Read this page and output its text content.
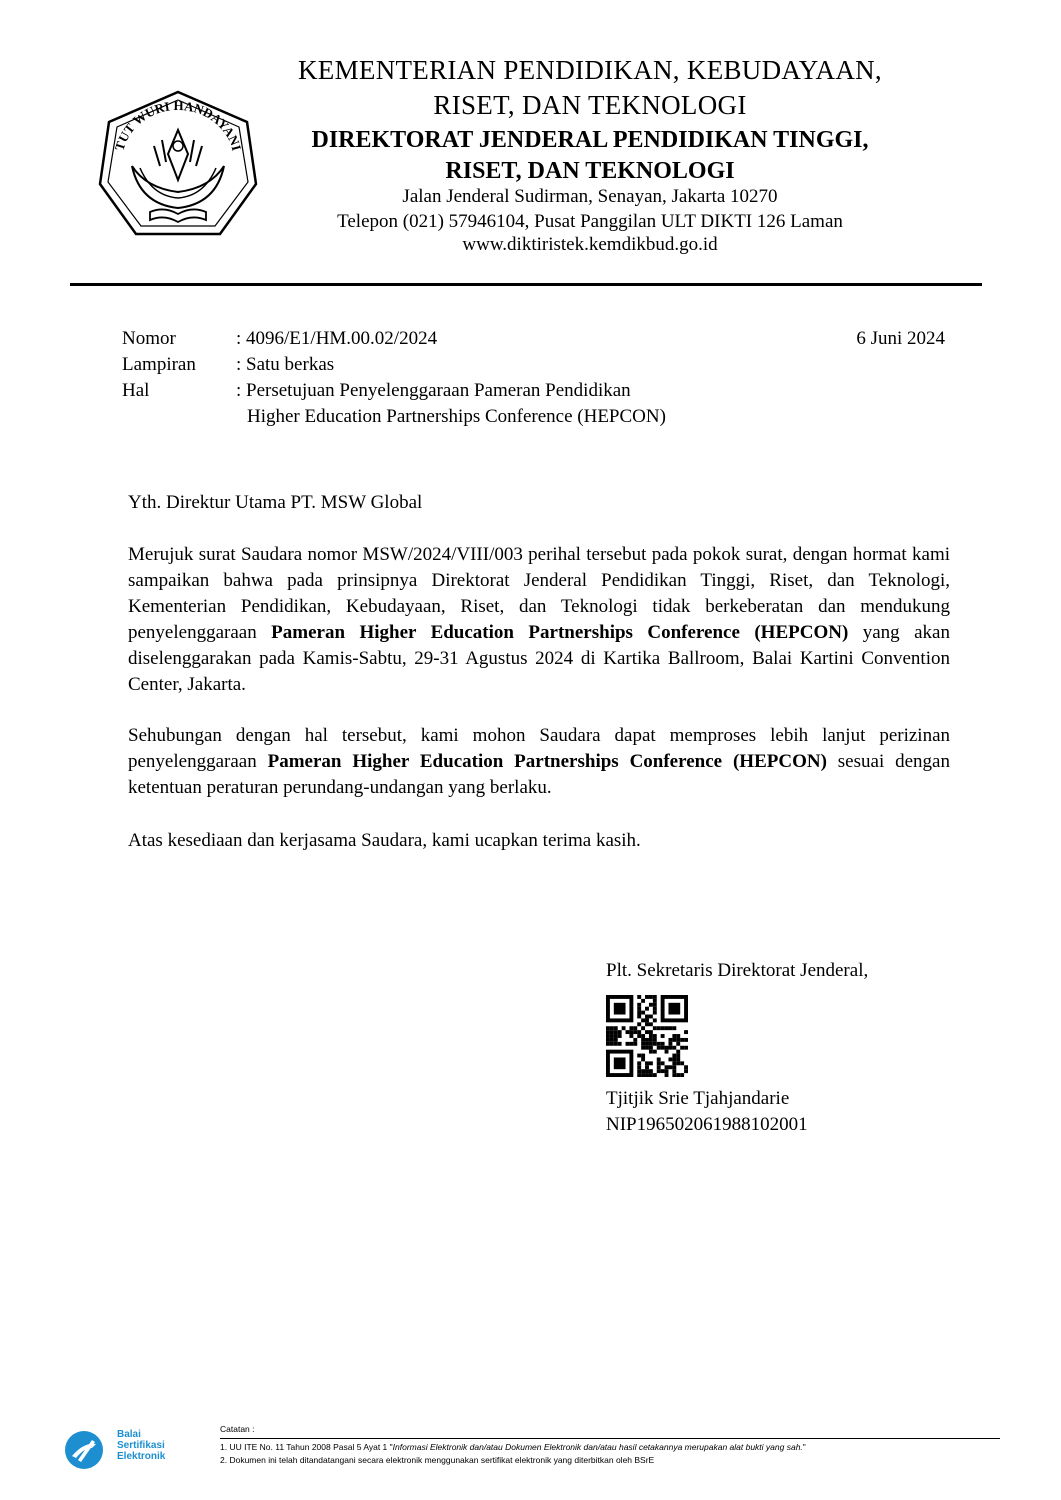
TUT WURI HANDAYANI
KEMENTERIAN PENDIDIKAN, KEBUDAYAAN,
RISET, DAN TEKNOLOGI
DIREKTORAT JENDERAL PENDIDIKAN TINGGI,
RISET, DAN TEKNOLOGI
Jalan Jenderal Sudirman, Senayan, Jakarta 10270
Telepon (021) 57946104, Pusat Panggilan ULT DIKTI 126 Laman
www.diktiristek.kemdikbud.go.id
Nomor	: 4096/E1/HM.00.02/2024
Lampiran : Satu berkas
Hal	: Persetujuan Penyelenggaraan Pameran Pendidikan
Higher Education Partnerships Conference (HEPCON)
6 Juni 2024
Yth. Direktur Utama PT. MSW Global
Merujuk surat Saudara nomor MSW/2024/VIII/003 perihal tersebut pada pokok surat, dengan hormat kami sampaikan bahwa pada prinsipnya Direktorat Jenderal Pendidikan Tinggi, Riset, dan Teknologi, Kementerian Pendidikan, Kebudayaan, Riset, dan Teknologi tidak berkeberatan dan mendukung penyelenggaraan Pameran Higher Education Partnerships Conference (HEPCON) yang akan diselenggarakan pada Kamis-Sabtu, 29-31 Agustus 2024 di Kartika Ballroom, Balai Kartini Convention Center, Jakarta.
Sehubungan dengan hal tersebut, kami mohon Saudara dapat memproses lebih lanjut perizinan penyelenggaraan Pameran Higher Education Partnerships Conference (HEPCON) sesuai dengan ketentuan peraturan perundang-undangan yang berlaku.
Atas kesediaan dan kerjasama Saudara, kami ucapkan terima kasih.
Plt. Sekretaris Direktorat Jenderal,
Tjitjik Srie Tjahjandarie
NIP196502061988102001
Balai
Sertifikasi
Elektronik
Catatan :
1. UU ITE No. 11 Tahun 2008 Pasal 5 Ayat 1 "Informasi Elektronik dan/atau Dokumen Elektronik dan/atau hasil cetakannya merupakan alat bukti yang sah."
2. Dokumen ini telah ditandatangani secara elektronik menggunakan sertifikat elektronik yang diterbitkan oleh BSrE
